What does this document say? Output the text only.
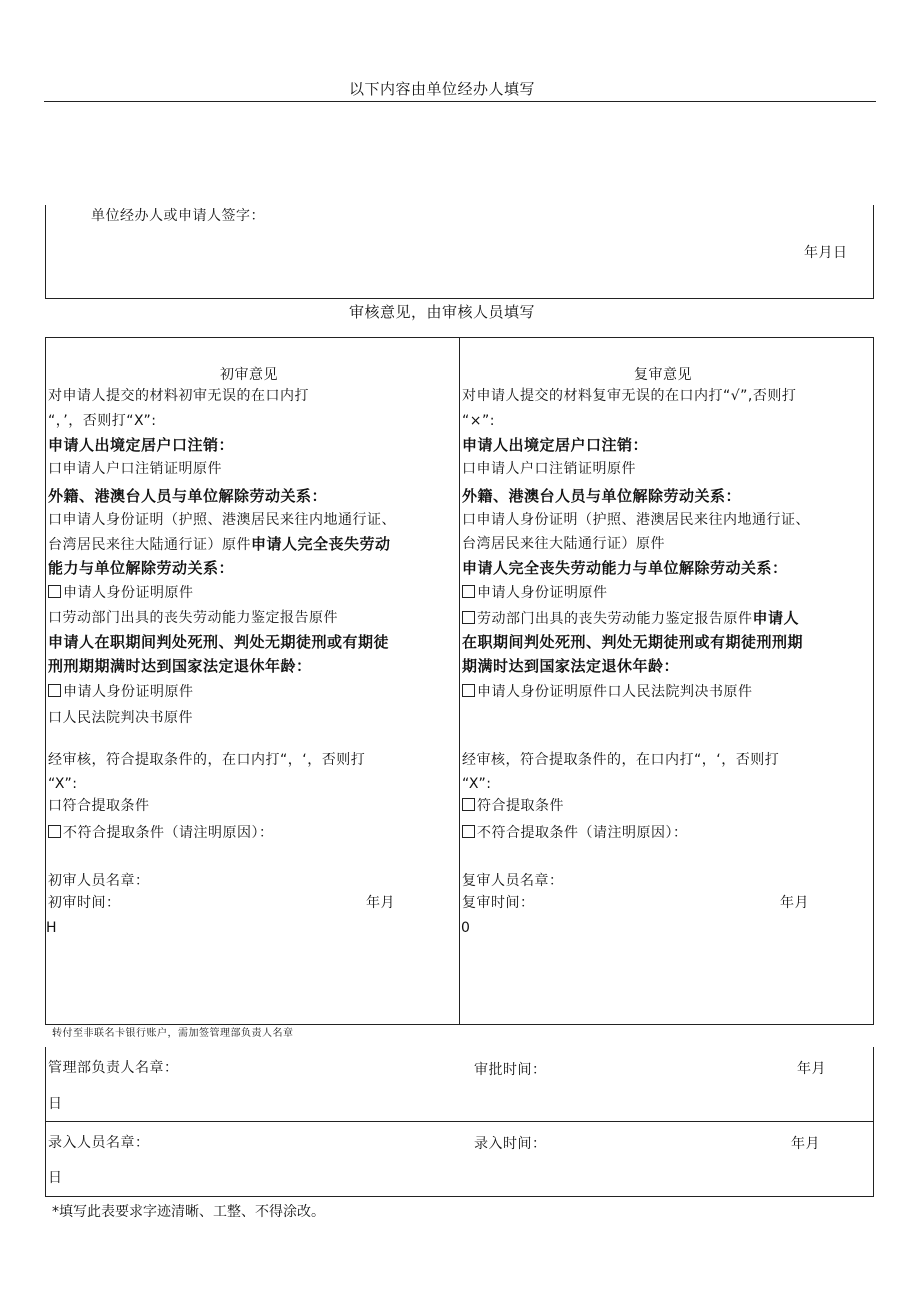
以下内容由单位经办人填写
单位经办人或申请人签字：
年月日
审核意见，由审核人员填写
初审意见
对申请人提交的材料初审无误的在口内打
“，’，否则打“X”:
申请人出境定居户口注销：
口申请人户口注销证明原件
外籍、港澳台人员与单位解除劳动关系：
口申请人身份证明（护照、港澳居民来往内地通行证、
台湾居民来往大陆通行证）原件申请人完全丧失劳动
能力与单位解除劳动关系：
申请人身份证明原件
口劳动部门出具的丧失劳动能力鉴定报告原件
申请人在职期间判处死刑、判处无期徒刑或有期徒
刑刑期期满时达到国家法定退休年龄：
申请人身份证明原件
口人民法院判决书原件
经审核，符合提取条件的，在口内打“，‘，否则打
“X”:
口符合提取条件
不符合提取条件（请注明原因）：
初审人员名章：
初审时间：	年月
H
复审意见
对申请人提交的材料复审无误的在口内打“√”,否则打
“×”:
申请人出境定居户口注销：
口申请人户口注销证明原件
外籍、港澳台人员与单位解除劳动关系：
口申请人身份证明（护照、港澳居民来往内地通行证、
台湾居民来往大陆通行证）原件
申请人完全丧失劳动能力与单位解除劳动关系：
申请人身份证明原件
劳动部门出具的丧失劳动能力鉴定报告原件申请人
在职期间判处死刑、判处无期徒刑或有期徒刑刑期
期满时达到国家法定退休年龄：
申请人身份证明原件口人民法院判决书原件
经审核，符合提取条件的，在口内打“，‘，否则打
“X”:
符合提取条件
不符合提取条件（请注明原因）：
复审人员名章：
复审时间：	年月
0
转付至非联名卡银行账户，需加签管理部负责人名章
管理部负责人名章：	审批时间：	年月
日
录入人员名章：	录入时间：	年月
日
*填写此表要求字迹清晰、工整、不得涂改。
